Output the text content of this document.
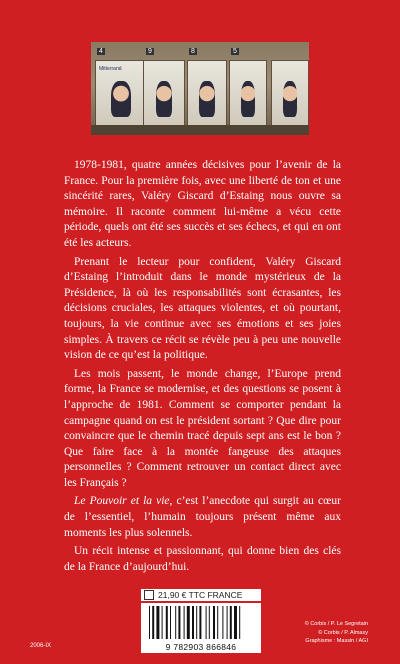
4	9	8	5
Mitterrand

1978-1981, quatre années décisives pour l’avenir de la France. Pour la première fois, avec une liberté de ton et une sincérité rares, Valéry Giscard d’Estaing nous ouvre sa mémoire. Il raconte comment lui-même a vécu cette période, quels ont été ses succès et ses échecs, et qui en ont été les acteurs.

Prenant le lecteur pour confident, Valéry Giscard d’Estaing l’introduit dans le monde mystérieux de la Présidence, là où les responsabilités sont écrasantes, les décisions cruciales, les attaques violentes, et où pourtant, toujours, la vie continue avec ses émotions et ses joies simples. À travers ce récit se révèle peu à peu une nouvelle vision de ce qu’est la politique.

Les mois passent, le monde change, l’Europe prend forme, la France se modernise, et des questions se posent à l’approche de 1981. Comment se comporter pendant la campagne quand on est le président sortant ? Que dire pour convaincre que le chemin tracé depuis sept ans est le bon ? Que faire face à la montée fangeuse des attaques personnelles ? Comment retrouver un contact direct avec les Français ?

Le Pouvoir et la vie, c’est l’anecdote qui surgit au cœur de l’essentiel, l’humain toujours présent même aux moments les plus solennels.

Un récit intense et passionnant, qui donne bien des clés de la France d’aujourd’hui.

21,90 € TTC FRANCE
9 782903 866846
2006-IX
© Corbis / P. Le Segretain
© Corbis / P. Almasy
Graphisme : Massin / AGI
